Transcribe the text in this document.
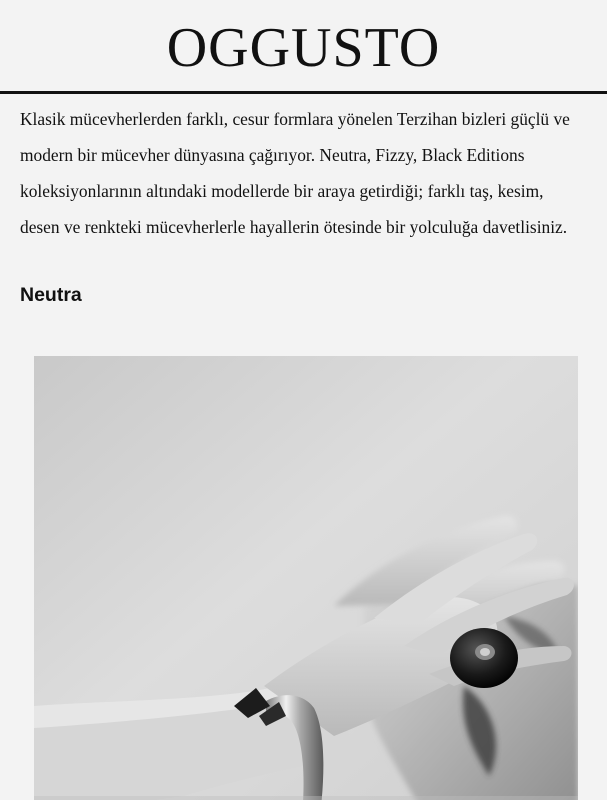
OGGUSTO

Klasik mücevherlerden farklı, cesur formlara yönelen Terzihan bizleri güçlü ve modern bir mücevher dünyasına çağırıyor. Neutra, Fizzy, Black Editions koleksiyonlarının altındaki modellerde bir araya getirdiği; farklı taş, kesim, desen ve renkteki mücevherlerle hayallerin ötesinde bir yolculuğa davetlisiniz.

Neutra
